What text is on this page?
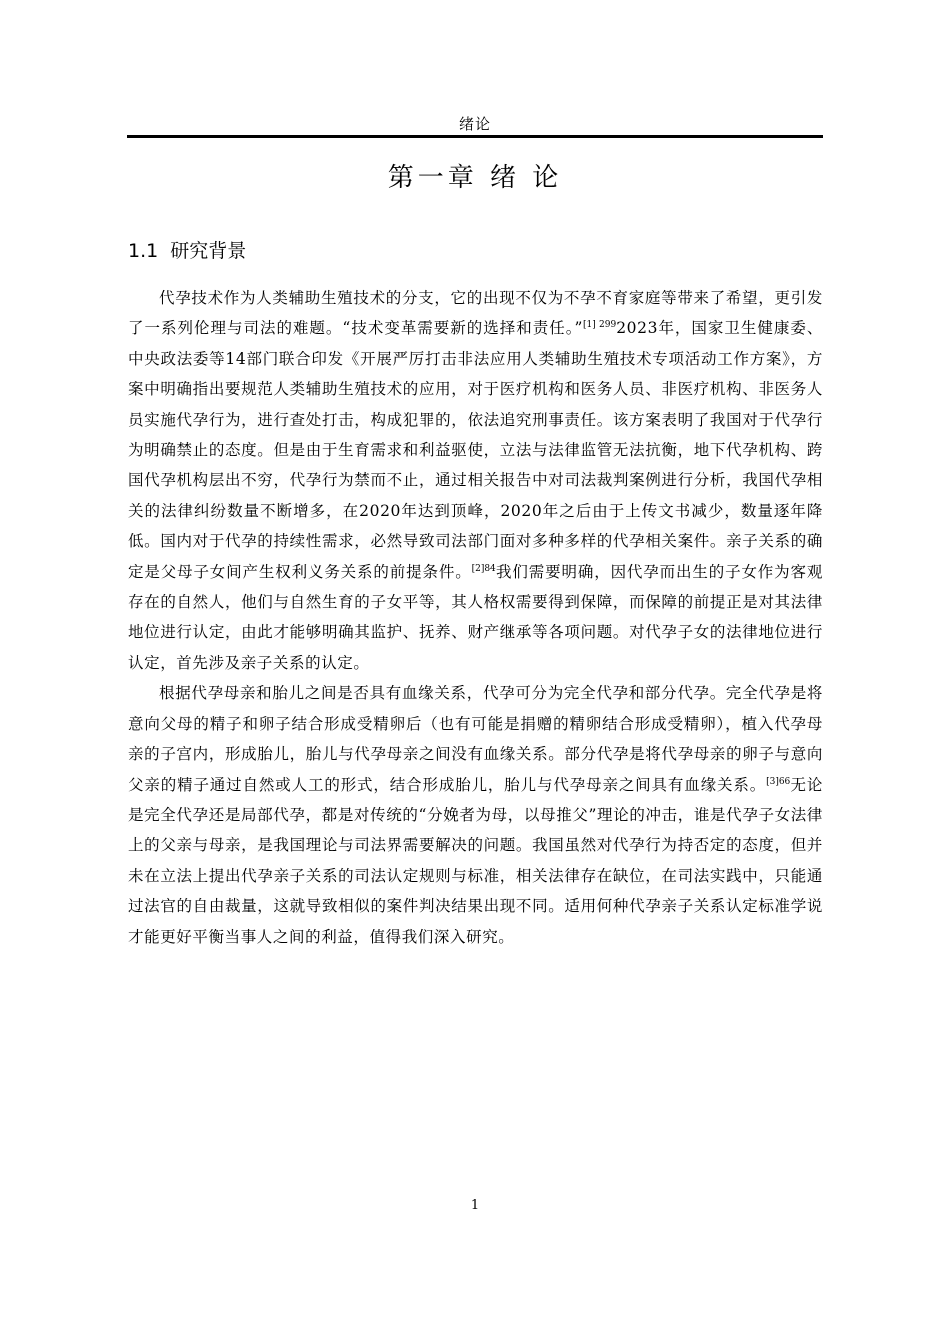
绪论
第一章 绪 论
1.1 研究背景

代孕技术作为人类辅助生殖技术的分支，它的出现不仅为不孕不育家庭等带来了希望，更引发了一系列伦理与司法的难题。“技术变革需要新的选择和责任。”$^{[1] 299}$2023年，国家卫生健康委、中央政法委等14部门联合印发《开展严厉打击非法应用人类辅助生殖技术专项活动工作方案》，方案中明确指出要规范人类辅助生殖技术的应用，对于医疗机构和医务人员、非医疗机构、非医务人员实施代孕行为，进行查处打击，构成犯罪的，依法追究刑事责任。该方案表明了我国对于代孕行为明确禁止的态度。但是由于生育需求和利益驱使，立法与法律监管无法抗衡，地下代孕机构、跨国代孕机构层出不穷，代孕行为禁而不止，通过相关报告中对司法裁判案例进行分析，我国代孕相关的法律纠纷数量不断增多，在2020年达到顶峰，2020年之后由于上传文书减少，数量逐年降低。国内对于代孕的持续性需求，必然导致司法部门面对多种多样的代孕相关案件。亲子关系的确定是父母子女间产生权利义务关系的前提条件。$^{[2]84}$我们需要明确，因代孕而出生的子女作为客观存在的自然人，他们与自然生育的子女平等，其人格权需要得到保障，而保障的前提正是对其法律地位进行认定，由此才能够明确其监护、抚养、财产继承等各项问题。对代孕子女的法律地位进行认定，首先涉及亲子关系的认定。

根据代孕母亲和胎儿之间是否具有血缘关系，代孕可分为完全代孕和部分代孕。完全代孕是将意向父母的精子和卵子结合形成受精卵后（也有可能是捐赠的精卵结合形成受精卵），植入代孕母亲的子宫内，形成胎儿，胎儿与代孕母亲之间没有血缘关系。部分代孕是将代孕母亲的卵子与意向父亲的精子通过自然或人工的形式，结合形成胎儿，胎儿与代孕母亲之间具有血缘关系。$^{[3]66}$无论是完全代孕还是局部代孕，都是对传统的“分娩者为母，以母推父”理论的冲击，谁是代孕子女法律上的父亲与母亲，是我国理论与司法界需要解决的问题。我国虽然对代孕行为持否定的态度，但并未在立法上提出代孕亲子关系的司法认定规则与标准，相关法律存在缺位，在司法实践中，只能通过法官的自由裁量，这就导致相似的案件判决结果出现不同。适用何种代孕亲子关系认定标准学说才能更好平衡当事人之间的利益，值得我们深入研究。

1
